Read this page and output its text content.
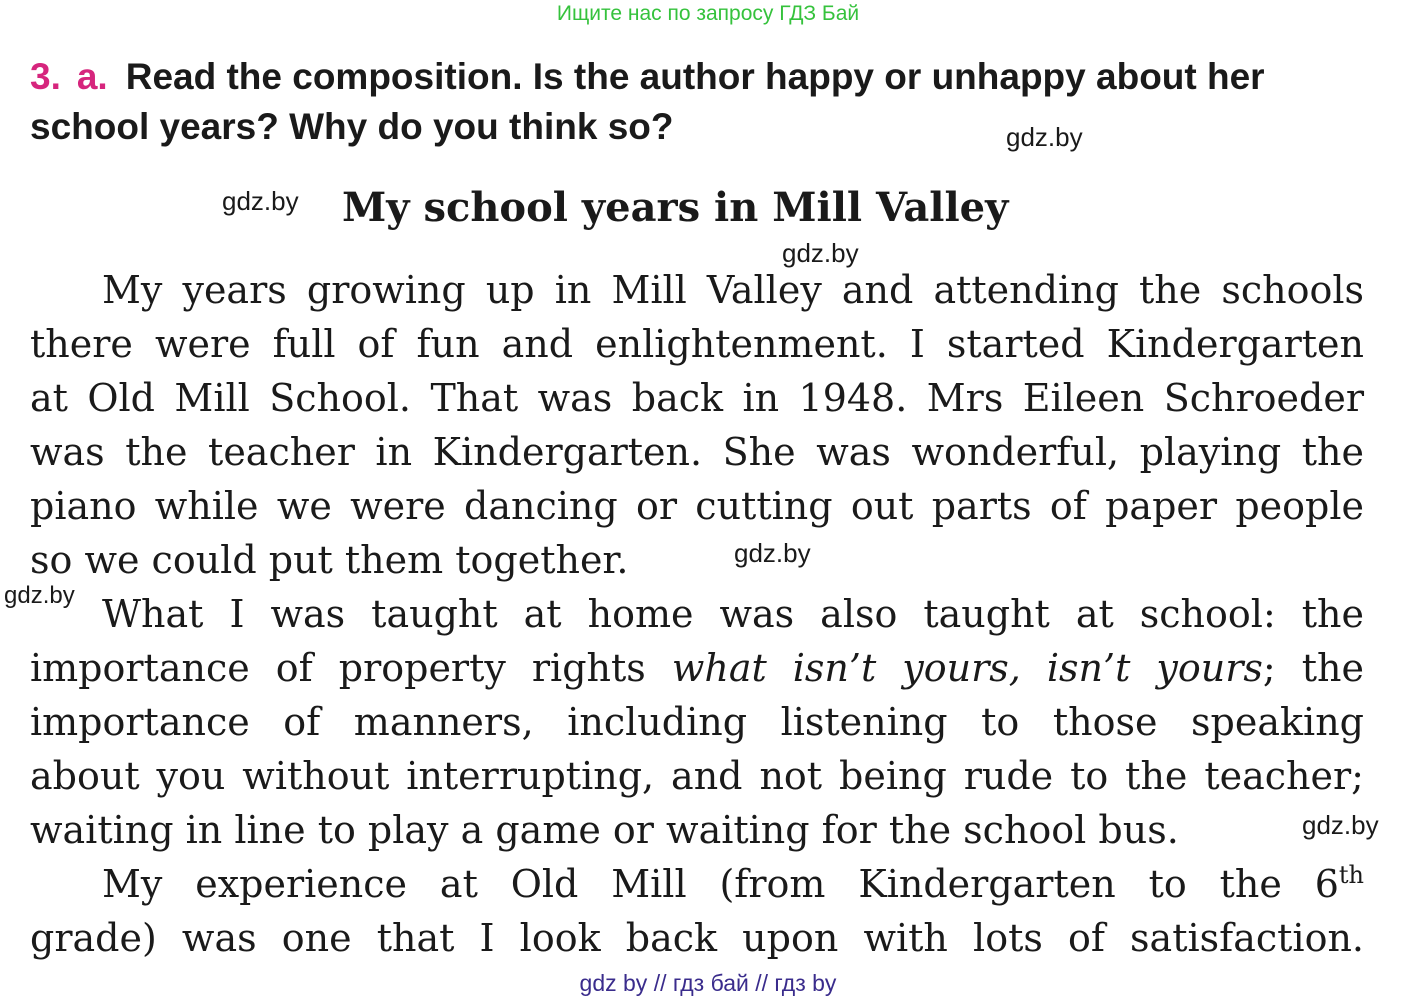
Ищите нас по запросу ГДЗ Бай
3. a. Read the composition. Is the author happy or unhappy about her school years? Why do you think so?	gdz.by
gdz.by My school years in Mill Valley
gdz.by
My years growing up in Mill Valley and attending the schools
there were full of fun and enlightenment. I started Kindergarten
at Old Mill School. That was back in 1948. Mrs Eileen Schroeder
was the teacher in Kindergarten. She was wonderful, playing the
piano while we were dancing or cutting out parts of paper people
so we could put them together.	gdz.by
gdz.by What I was taught at home was also taught at school: the
importance of property rights what isn’t yours, isn’t yours; the
importance of manners, including listening to those speaking
about you without interrupting, and not being rude to the teacher;
waiting in line to play a game or waiting for the school bus.	gdz.by
My experience at Old Mill (from Kindergarten to the 6th
grade) was one that I look back upon with lots of satisfaction.
gdz by // гдз бай // гдз by
